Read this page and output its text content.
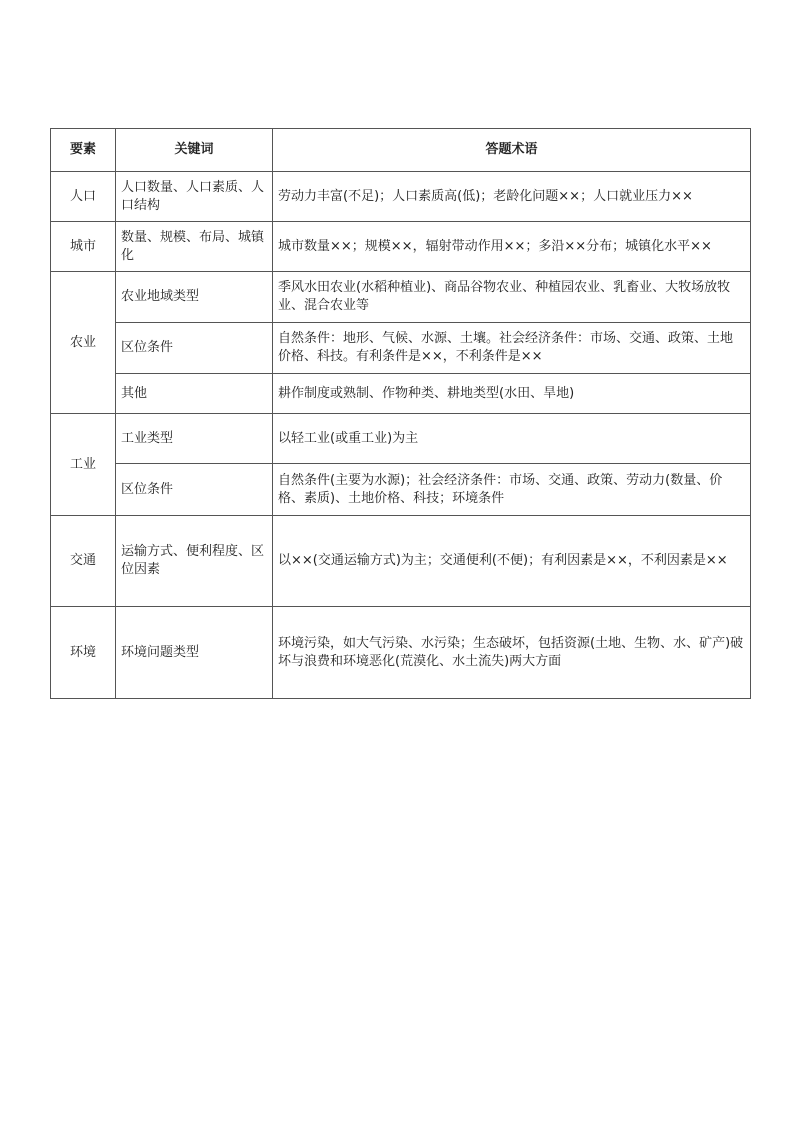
要素	关键词	答题术语
人口	人口数量、人口素质、人口结构	劳动力丰富(不足)；人口素质高(低)；老龄化问题××；人口就业压力××
城市	数量、规模、布局、城镇化	城市数量××；规模××，辐射带动作用××；多沿××分布；城镇化水平××
农业	农业地域类型	季风水田农业(水稻种植业)、商品谷物农业、种植园农业、乳畜业、大牧场放牧业、混合农业等
	区位条件	自然条件：地形、气候、水源、土壤。社会经济条件：市场、交通、政策、土地价格、科技。有利条件是××，不利条件是××
	其他	耕作制度或熟制、作物种类、耕地类型(水田、旱地)
工业	工业类型	以轻工业(或重工业)为主
	区位条件	自然条件(主要为水源)；社会经济条件：市场、交通、政策、劳动力(数量、价格、素质)、土地价格、科技；环境条件
交通	运输方式、便利程度、区位因素	以××(交通运输方式)为主；交通便利(不便)；有利因素是××，不利因素是××
环境	环境问题类型	环境污染，如大气污染、水污染；生态破坏，包括资源(土地、生物、水、矿产)破坏与浪费和环境恶化(荒漠化、水土流失)两大方面
